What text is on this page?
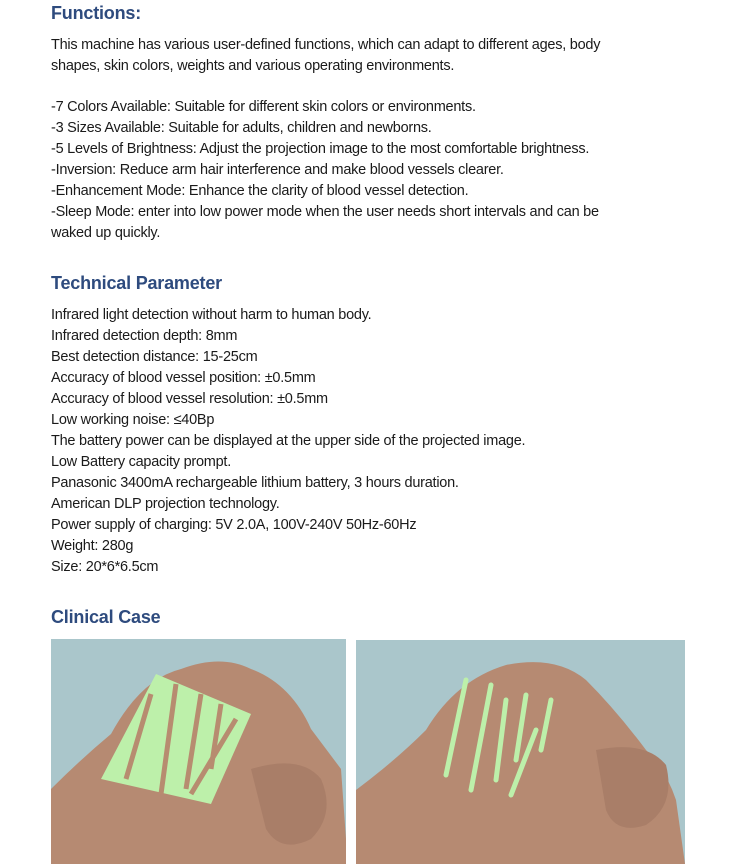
Functions:
This machine has various user-defined functions, which can adapt to different ages, body
shapes, skin colors, weights and various operating environments.
-7 Colors Available: Suitable for different skin colors or environments.
-3 Sizes Available: Suitable for adults, children and newborns.
-5 Levels of Brightness: Adjust the projection image to the most comfortable brightness.
-Inversion: Reduce arm hair interference and make blood vessels clearer.
-Enhancement Mode: Enhance the clarity of blood vessel detection.
-Sleep Mode: enter into low power mode when the user needs short intervals and can be
waked up quickly.
Technical Parameter
Infrared light detection without harm to human body.
Infrared detection depth: 8mm
Best detection distance: 15-25cm
Accuracy of blood vessel position: ±0.5mm
Accuracy of blood vessel resolution: ±0.5mm
Low working noise: ≤40Bp
The battery power can be displayed at the upper side of the projected image.
Low Battery capacity prompt.
Panasonic 3400mA rechargeable lithium battery, 3 hours duration.
American DLP projection technology.
Power supply of charging: 5V 2.0A, 100V-240V 50Hz-60Hz
Weight: 280g
Size: 20*6*6.5cm
Clinical Case
